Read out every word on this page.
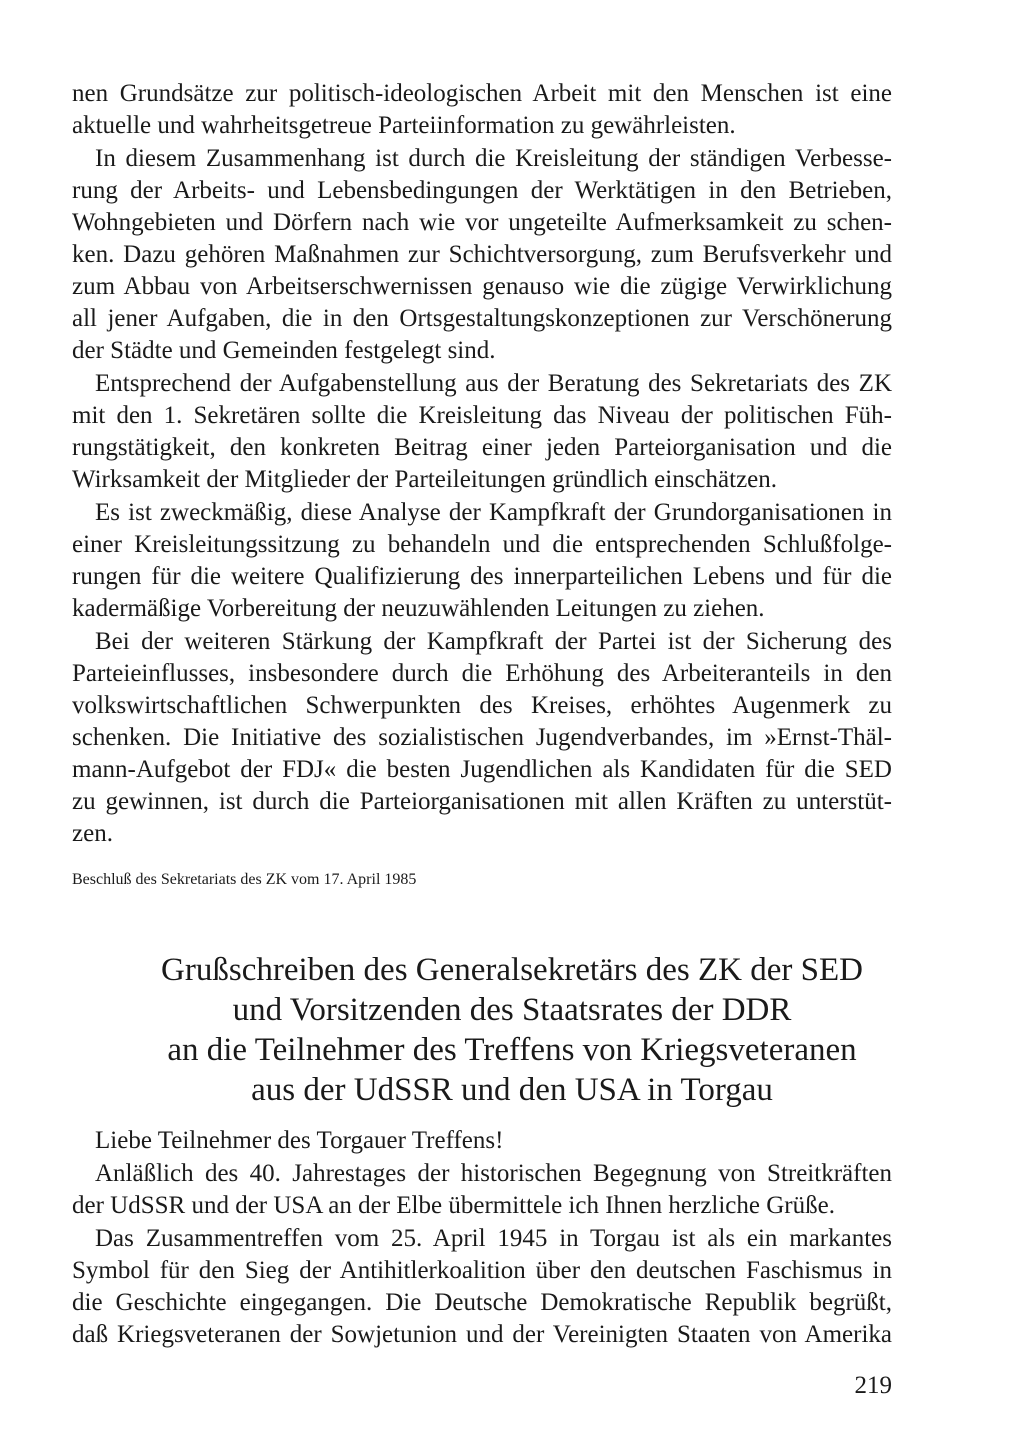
nen Grundsätze zur politisch-ideologischen Arbeit mit den Menschen ist eine
aktuelle und wahrheitsgetreue Parteiinformation zu gewährleisten.
In diesem Zusammenhang ist durch die Kreisleitung der ständigen Verbesse-
rung der Arbeits- und Lebensbedingungen der Werktätigen in den Betrieben,
Wohngebieten und Dörfern nach wie vor ungeteilte Aufmerksamkeit zu schen-
ken. Dazu gehören Maßnahmen zur Schichtversorgung, zum Berufsverkehr und
zum Abbau von Arbeitserschwernissen genauso wie die zügige Verwirklichung
all jener Aufgaben, die in den Ortsgestaltungskonzeptionen zur Verschönerung
der Städte und Gemeinden festgelegt sind.
Entsprechend der Aufgabenstellung aus der Beratung des Sekretariats des ZK
mit den 1. Sekretären sollte die Kreisleitung das Niveau der politischen Füh-
rungstätigkeit, den konkreten Beitrag einer jeden Parteiorganisation und die
Wirksamkeit der Mitglieder der Parteileitungen gründlich einschätzen.
Es ist zweckmäßig, diese Analyse der Kampfkraft der Grundorganisationen in
einer Kreisleitungssitzung zu behandeln und die entsprechenden Schlußfolge-
rungen für die weitere Qualifizierung des innerparteilichen Lebens und für die
kadermäßige Vorbereitung der neuzuwählenden Leitungen zu ziehen.
Bei der weiteren Stärkung der Kampfkraft der Partei ist der Sicherung des
Parteieinflusses, insbesondere durch die Erhöhung des Arbeiteranteils in den
volkswirtschaftlichen Schwerpunkten des Kreises, erhöhtes Augenmerk zu
schenken. Die Initiative des sozialistischen Jugendverbandes, im »Ernst-Thäl-
mann-Aufgebot der FDJ« die besten Jugendlichen als Kandidaten für die SED
zu gewinnen, ist durch die Parteiorganisationen mit allen Kräften zu unterstüt-
zen.
Beschluß des Sekretariats des ZK vom 17. April 1985
Grußschreiben des Generalsekretärs des ZK der SED
und Vorsitzenden des Staatsrates der DDR
an die Teilnehmer des Treffens von Kriegsveteranen
aus der UdSSR und den USA in Torgau
Liebe Teilnehmer des Torgauer Treffens!
Anläßlich des 40. Jahrestages der historischen Begegnung von Streitkräften
der UdSSR und der USA an der Elbe übermittele ich Ihnen herzliche Grüße.
Das Zusammentreffen vom 25. April 1945 in Torgau ist als ein markantes
Symbol für den Sieg der Antihitlerkoalition über den deutschen Faschismus in
die Geschichte eingegangen. Die Deutsche Demokratische Republik begrüßt,
daß Kriegsveteranen der Sowjetunion und der Vereinigten Staaten von Amerika
219
